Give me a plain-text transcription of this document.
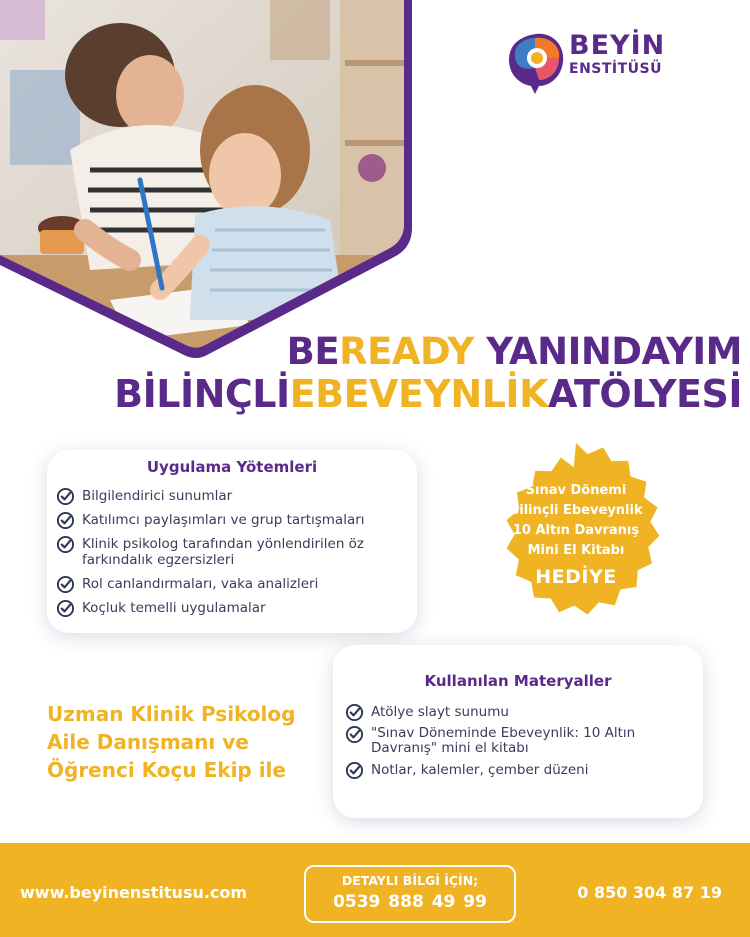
BEYİN
ENSTİTÜSÜ
BEREADY YANINDAYIM
BİLİNÇLİEBEVEYNLİKATÖLYESİ
Uygulama Yötemleri
Bilgilendirici sunumlar
Katılımcı paylaşımları ve grup tartışmaları
Klinik psikolog tarafından yönlendirilen öz farkındalık egzersizleri
Rol canlandırmaları, vaka analizleri
Koçluk temelli uygulamalar
Sınav Dönemi
Bilinçli Ebeveynlik
10 Altın Davranış
Mini El Kitabı
HEDİYE
Kullanılan Materyaller
Atölye slayt sunumu
"Sınav Döneminde Ebeveynlik: 10 Altın Davranış" mini el kitabı
Notlar, kalemler, çember düzeni
Uzman Klinik Psikolog
Aile Danışmanı ve
Öğrenci Koçu Ekip ile
www.beyinenstitusu.com
DETAYLI BİLGİ İÇİN;
0539 888 49 99	0 850 304 87 19
